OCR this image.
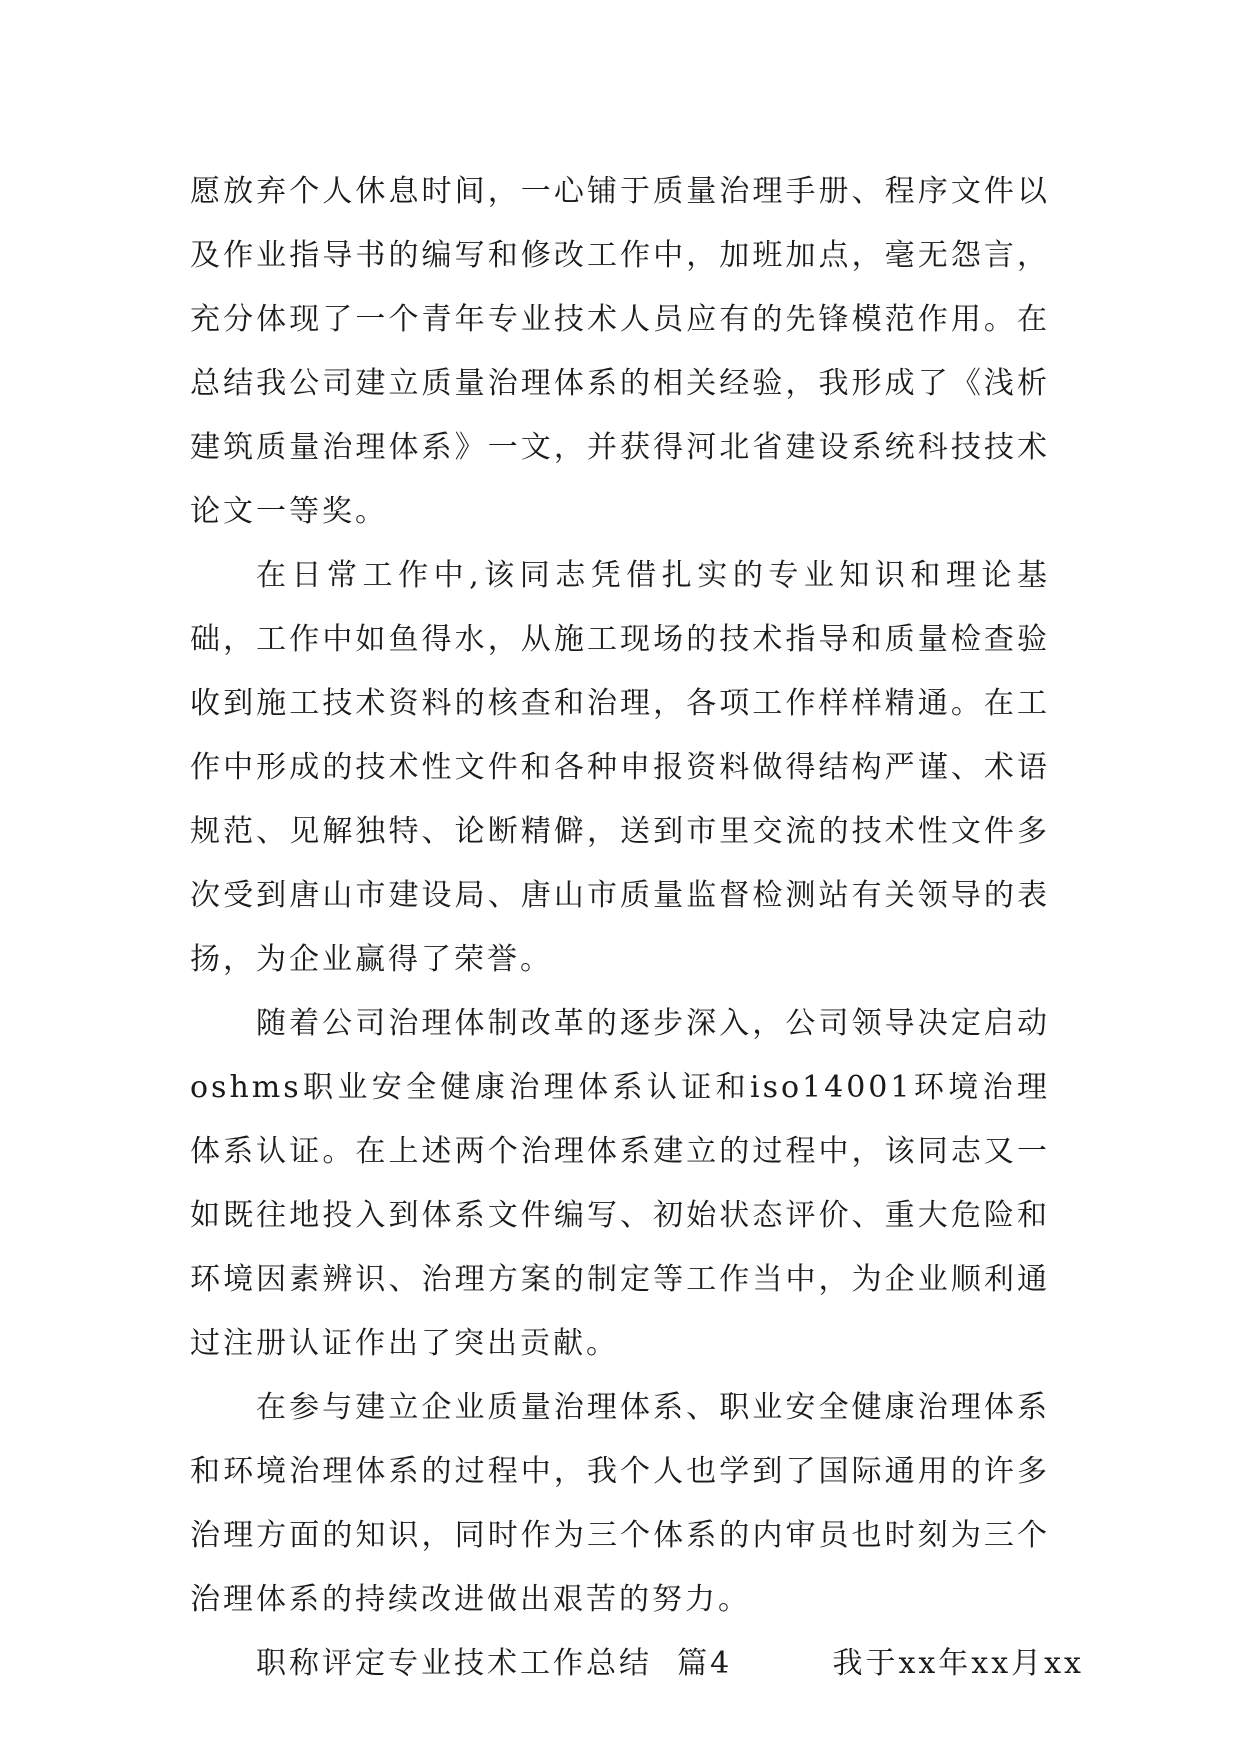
愿放弃个人休息时间，一心铺于质量治理手册、程序文件以及作业指导书的编写和修改工作中，加班加点，毫无怨言，充分体现了一个青年专业技术人员应有的先锋模范作用。在总结我公司建立质量治理体系的相关经验，我形成了《浅析建筑质量治理体系》一文，并获得河北省建设系统科技技术论文一等奖。

在日常工作中,该同志凭借扎实的专业知识和理论基础，工作中如鱼得水，从施工现场的技术指导和质量检查验收到施工技术资料的核查和治理，各项工作样样精通。在工作中形成的技术性文件和各种申报资料做得结构严谨、术语规范、见解独特、论断精僻，送到市里交流的技术性文件多次受到唐山市建设局、唐山市质量监督检测站有关领导的表扬，为企业赢得了荣誉。

随着公司治理体制改革的逐步深入，公司领导决定启动oshms职业安全健康治理体系认证和iso14001环境治理体系认证。在上述两个治理体系建立的过程中，该同志又一如既往地投入到体系文件编写、初始状态评价、重大危险和环境因素辨识、治理方案的制定等工作当中，为企业顺利通过注册认证作出了突出贡献。

在参与建立企业质量治理体系、职业安全健康治理体系和环境治理体系的过程中，我个人也学到了国际通用的许多治理方面的知识，同时作为三个体系的内审员也时刻为三个治理体系的持续改进做出艰苦的努力。

职称评定专业技术工作总结  篇4        我于xx年xx月xx
